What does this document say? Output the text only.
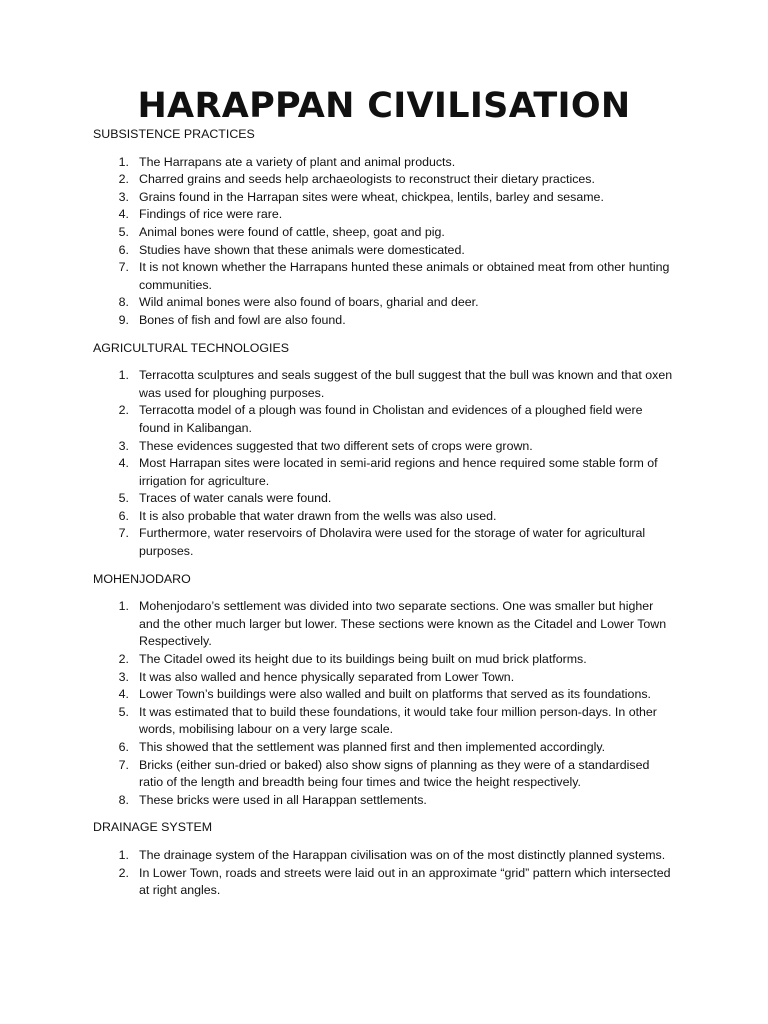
HARAPPAN CIVILISATION

SUBSISTENCE PRACTICES

1 .	The Harrapans ate a variety of plant and animal products.
2 .	Charred grains and seeds help archaeologists to reconstruct their dietary practices.
3 .	Grains found in the Harrapan sites were wheat, chickpea, lentils, barley and sesame.
4 .	Findings of rice were rare.
5 .	Animal bones were found of cattle, sheep, goat and pig.
6 .	Studies have shown that these animals were domesticated.
7 .	It is not known whether the Harrapans hunted these animals or obtained meat from other hunting communities.
8 .	Wild animal bones were also found of boars, gharial and deer.
9 .	Bones of fish and fowl are also found.

AGRICULTURAL TECHNOLOGIES

1 .	Terracotta sculptures and seals suggest of the bull suggest that the bull was known and that oxen was used for ploughing purposes.
2 .	Terracotta model of a plough was found in Cholistan and evidences of a ploughed field were found in Kalibangan.
3 .	These evidences suggested that two different sets of crops were grown.
4 .	Most Harrapan sites were located in semi-arid regions and hence required some stable form of irrigation for agriculture.
5 .	Traces of water canals were found.
6 .	It is also probable that water drawn from the wells was also used.
7 .	Furthermore, water reservoirs of Dholavira were used for the storage of water for agricultural purposes.

MOHENJODARO

1 .	Mohenjodaro’s settlement was divided into two separate sections. One was smaller but higher and the other much larger but lower. These sections were known as the Citadel and Lower Town Respectively.
2 .	The Citadel owed its height due to its buildings being built on mud brick platforms.
3 .	It was also walled and hence physically separated from Lower Town.
4 .	Lower Town’s buildings were also walled and built on platforms that served as its foundations.
5 .	It was estimated that to build these foundations, it would take four million person-days. In other words, mobilising labour on a very large scale.
6 .	This showed that the settlement was planned first and then implemented accordingly.
7 .	Bricks (either sun-dried or baked) also show signs of planning as they were of a standardised ratio of the length and breadth being four times and twice the height respectively.
8 .	These bricks were used in all Harappan settlements.

DRAINAGE SYSTEM

1 .	The drainage system of the Harappan civilisation was on of the most distinctly planned systems.
2 .	In Lower Town, roads and streets were laid out in an approximate “grid” pattern which intersected at right angles.
